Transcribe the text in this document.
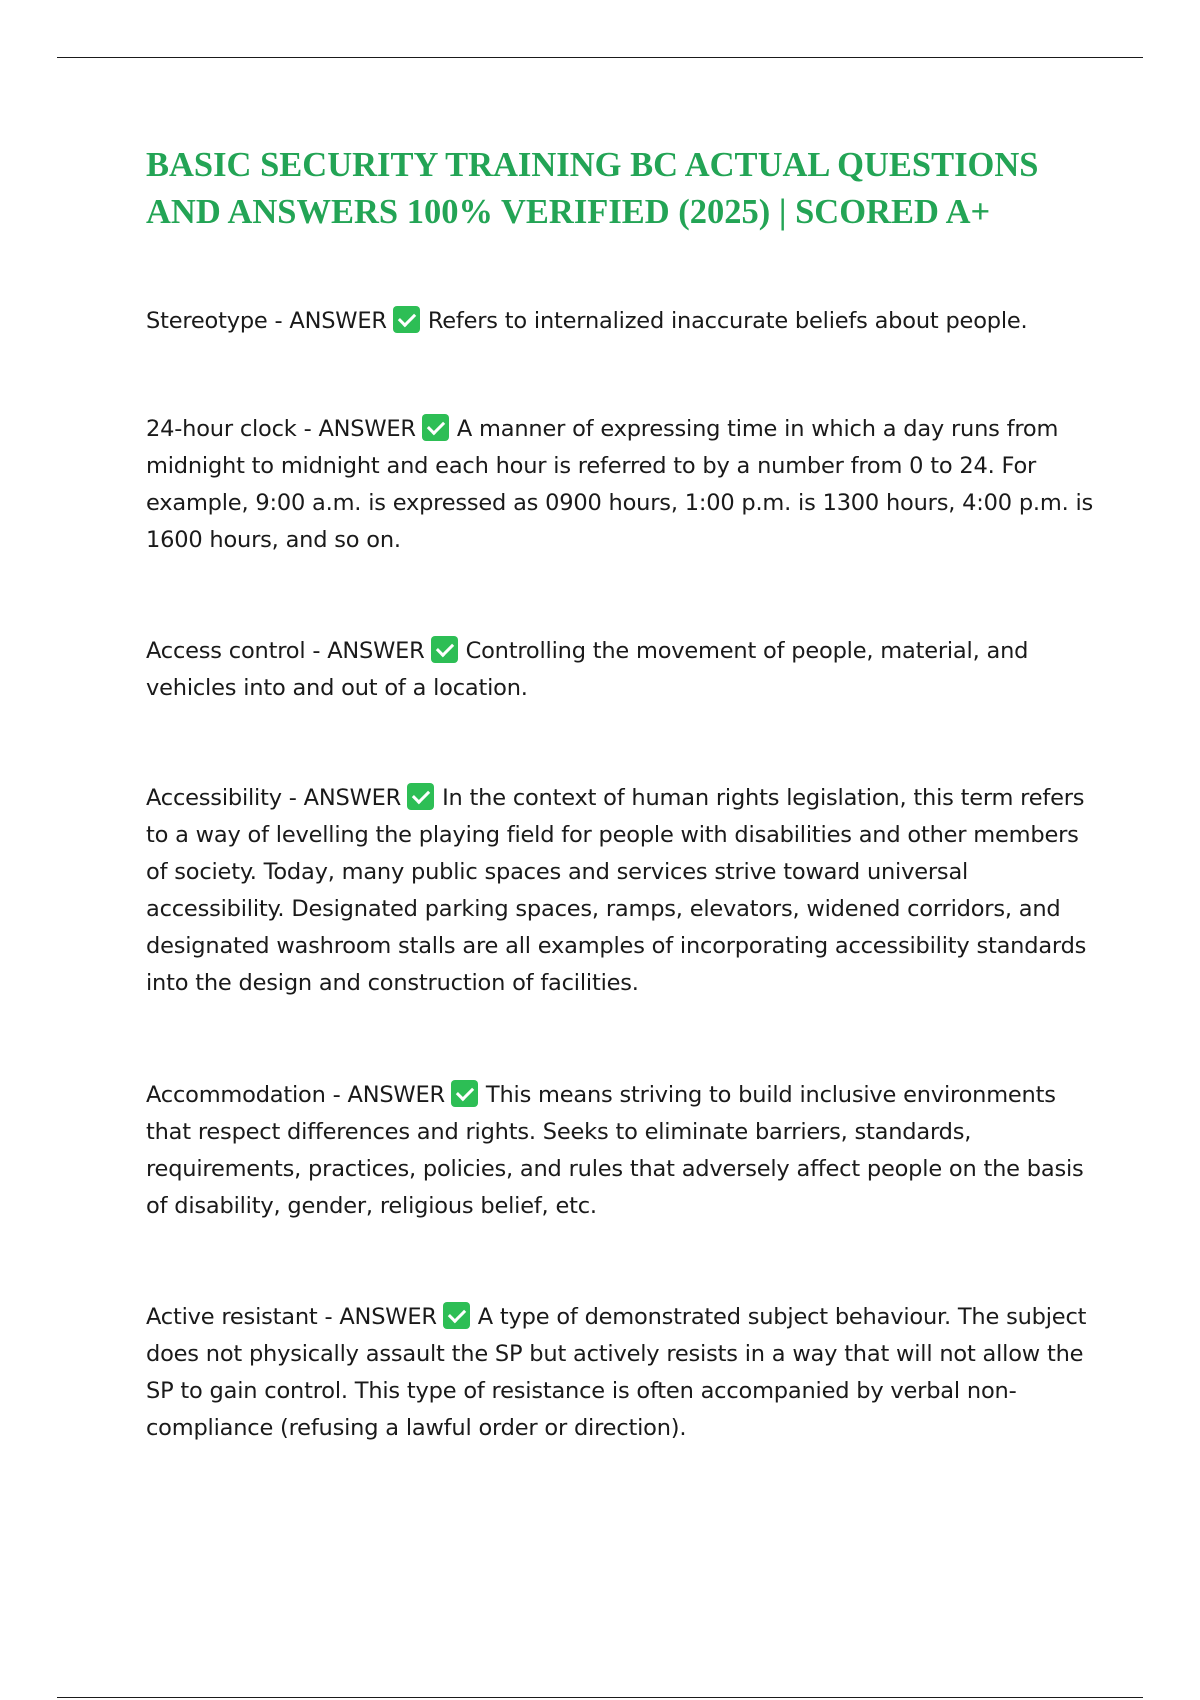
BASIC SECURITY TRAINING BC ACTUAL QUESTIONS AND ANSWERS 100% VERIFIED (2025) | SCORED A+

Stereotype - ANSWER Refers to internalized inaccurate beliefs about people.

24-hour clock - ANSWER A manner of expressing time in which a day runs from midnight to midnight and each hour is referred to by a number from 0 to 24. For example, 9:00 a.m. is expressed as 0900 hours, 1:00 p.m. is 1300 hours, 4:00 p.m. is 1600 hours, and so on.

Access control - ANSWER Controlling the movement of people, material, and vehicles into and out of a location.

Accessibility - ANSWER In the context of human rights legislation, this term refers to a way of levelling the playing field for people with disabilities and other members of society. Today, many public spaces and services strive toward universal accessibility. Designated parking spaces, ramps, elevators, widened corridors, and designated washroom stalls are all examples of incorporating accessibility standards into the design and construction of facilities.

Accommodation - ANSWER This means striving to build inclusive environments that respect differences and rights. Seeks to eliminate barriers, standards, requirements, practices, policies, and rules that adversely affect people on the basis of disability, gender, religious belief, etc.

Active resistant - ANSWER A type of demonstrated subject behaviour. The subject does not physically assault the SP but actively resists in a way that will not allow the SP to gain control. This type of resistance is often accompanied by verbal non-compliance (refusing a lawful order or direction).
